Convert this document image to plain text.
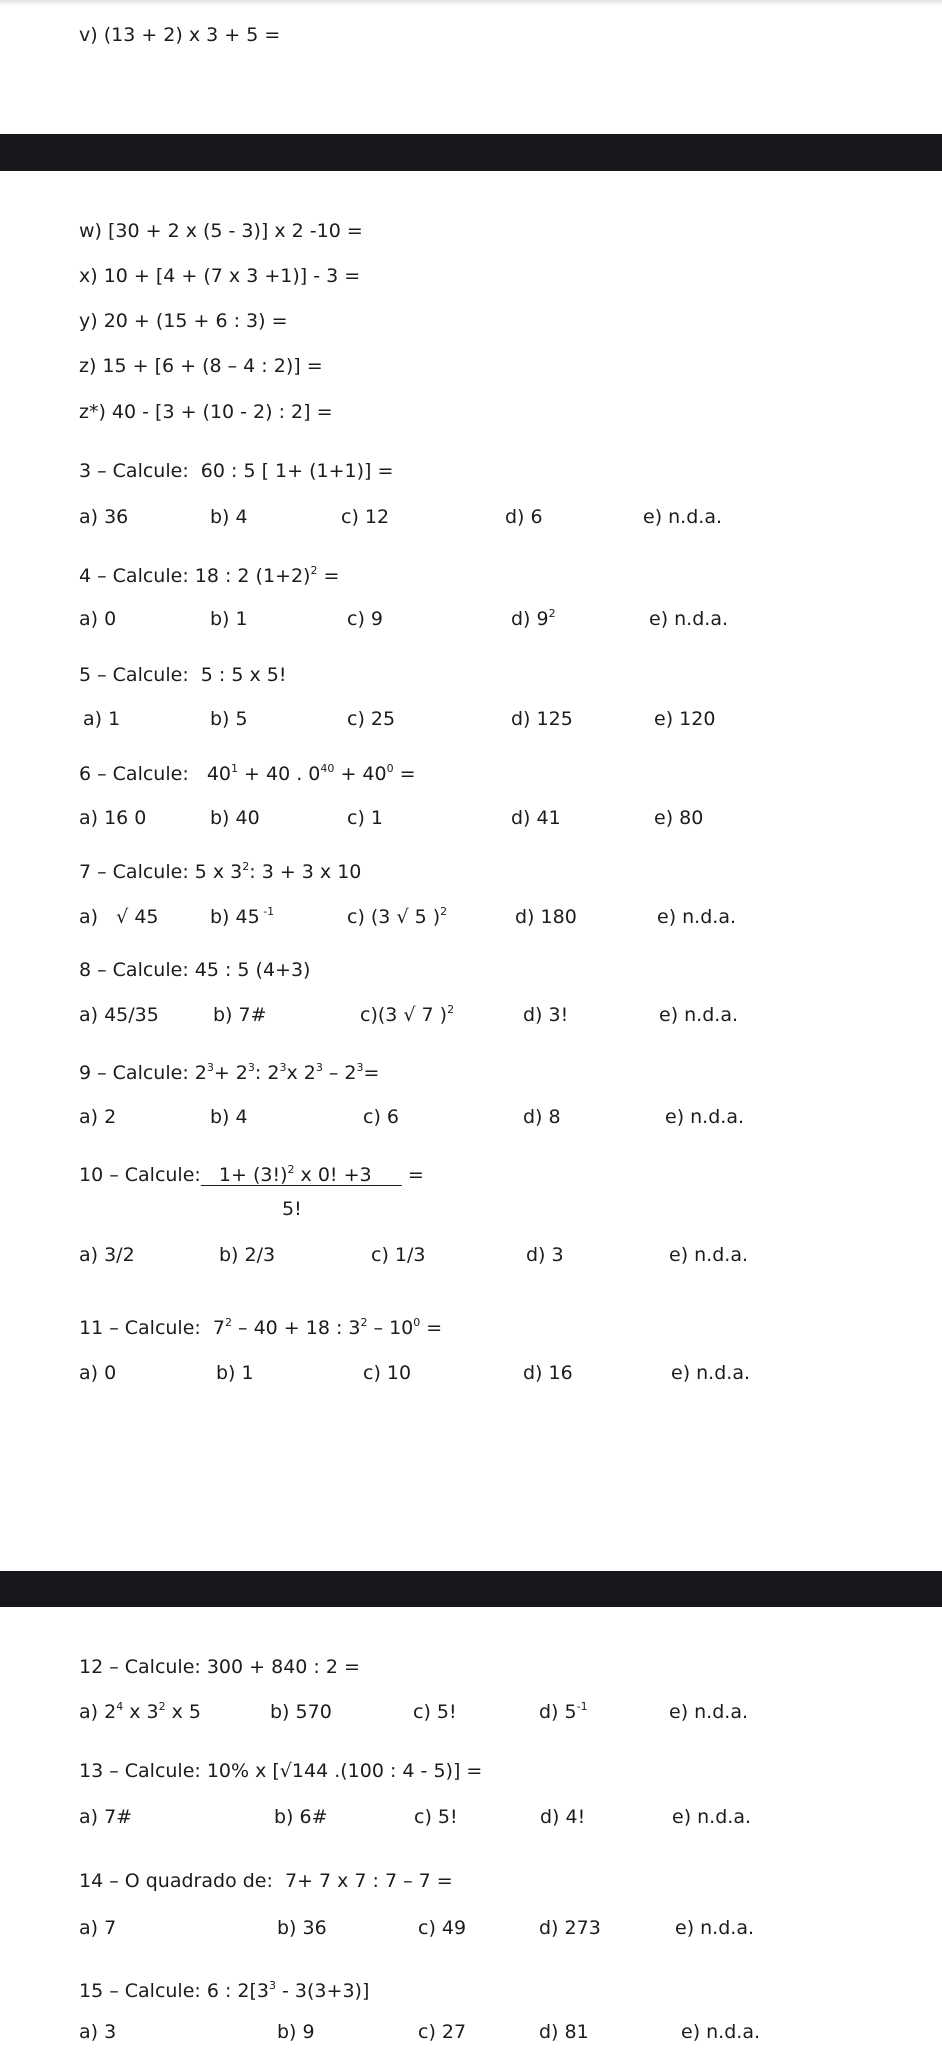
v) (13 + 2) x 3 + 5 =
w) [30 + 2 x (5 - 3)] x 2 -10 =
x) 10 + [4 + (7 x 3 +1)] - 3 =
y) 20 + (15 + 6 : 3) =
z) 15 + [6 + (8 – 4 : 2)] =
z*) 40 - [3 + (10 - 2) : 2] =
3 – Calcule:  60 : 5 [ 1+ (1+1)] =
a) 36	b) 4	c) 12	d) 6	e) n.d.a.
4 – Calcule: 18 : 2 $(1+2)^2$ =
a) 0	b) 1	c) 9	d) $9^2$	e) n.d.a.
5 – Calcule:  5 : 5 x 5!
a) 1	b) 5	c) 25	d) 125	e) 120
6 – Calcule:   $40^1 + 40$ . $0^{40} + 40^0$ =
a) 16 0	b) 40	c) 1	d) 41	e) 80
7 – Calcule: 5 x $3^2$: 3 + 3 x 10
a)   √ 45	b) 45 $^{-1}$	c) (3 √ 5 )$^2$	d) 180	e) n.d.a.
8 – Calcule: 45 : 5 (4+3)
a) 45/35	b) 7#	c)(3 √ 7 )$^2$	d) 3!	e) n.d.a.
9 – Calcule: $2^3+ 2^3$: $2^3x$ $2^3 - 2^3=$
a) 2	b) 4	c) 6	d) 8	e) n.d.a.
10 – Calcule:   $1+ (3!)^2$ x 0! +3      =
5!
a) 3/2	b) 2/3	c) 1/3	d) 3	e) n.d.a.
11 – Calcule:  $7^2 - 40 + 18$ : $3^2 - 10^0$ =
a) 0	b) 1	c) 10	d) 16	e) n.d.a.
12 – Calcule: 300 + 840 : 2 =
a) $2^4$ x $3^2$ x 5	b) 570	c) 5!	d) $5^{-1}$	e) n.d.a.
13 – Calcule: 10% x [√144 .(100 : 4 - 5)] =
a) 7#	b) 6#	c) 5!	d) 4!	e) n.d.a.
14 – O quadrado de:  7+ 7 x 7 : 7 – 7 =
a) 7	b) 36	c) 49	d) 273	e) n.d.a.
15 – Calcule: 6 : $2[3^3 - 3(3+3)]$
a) 3	b) 9	c) 27	d) 81	e) n.d.a.
